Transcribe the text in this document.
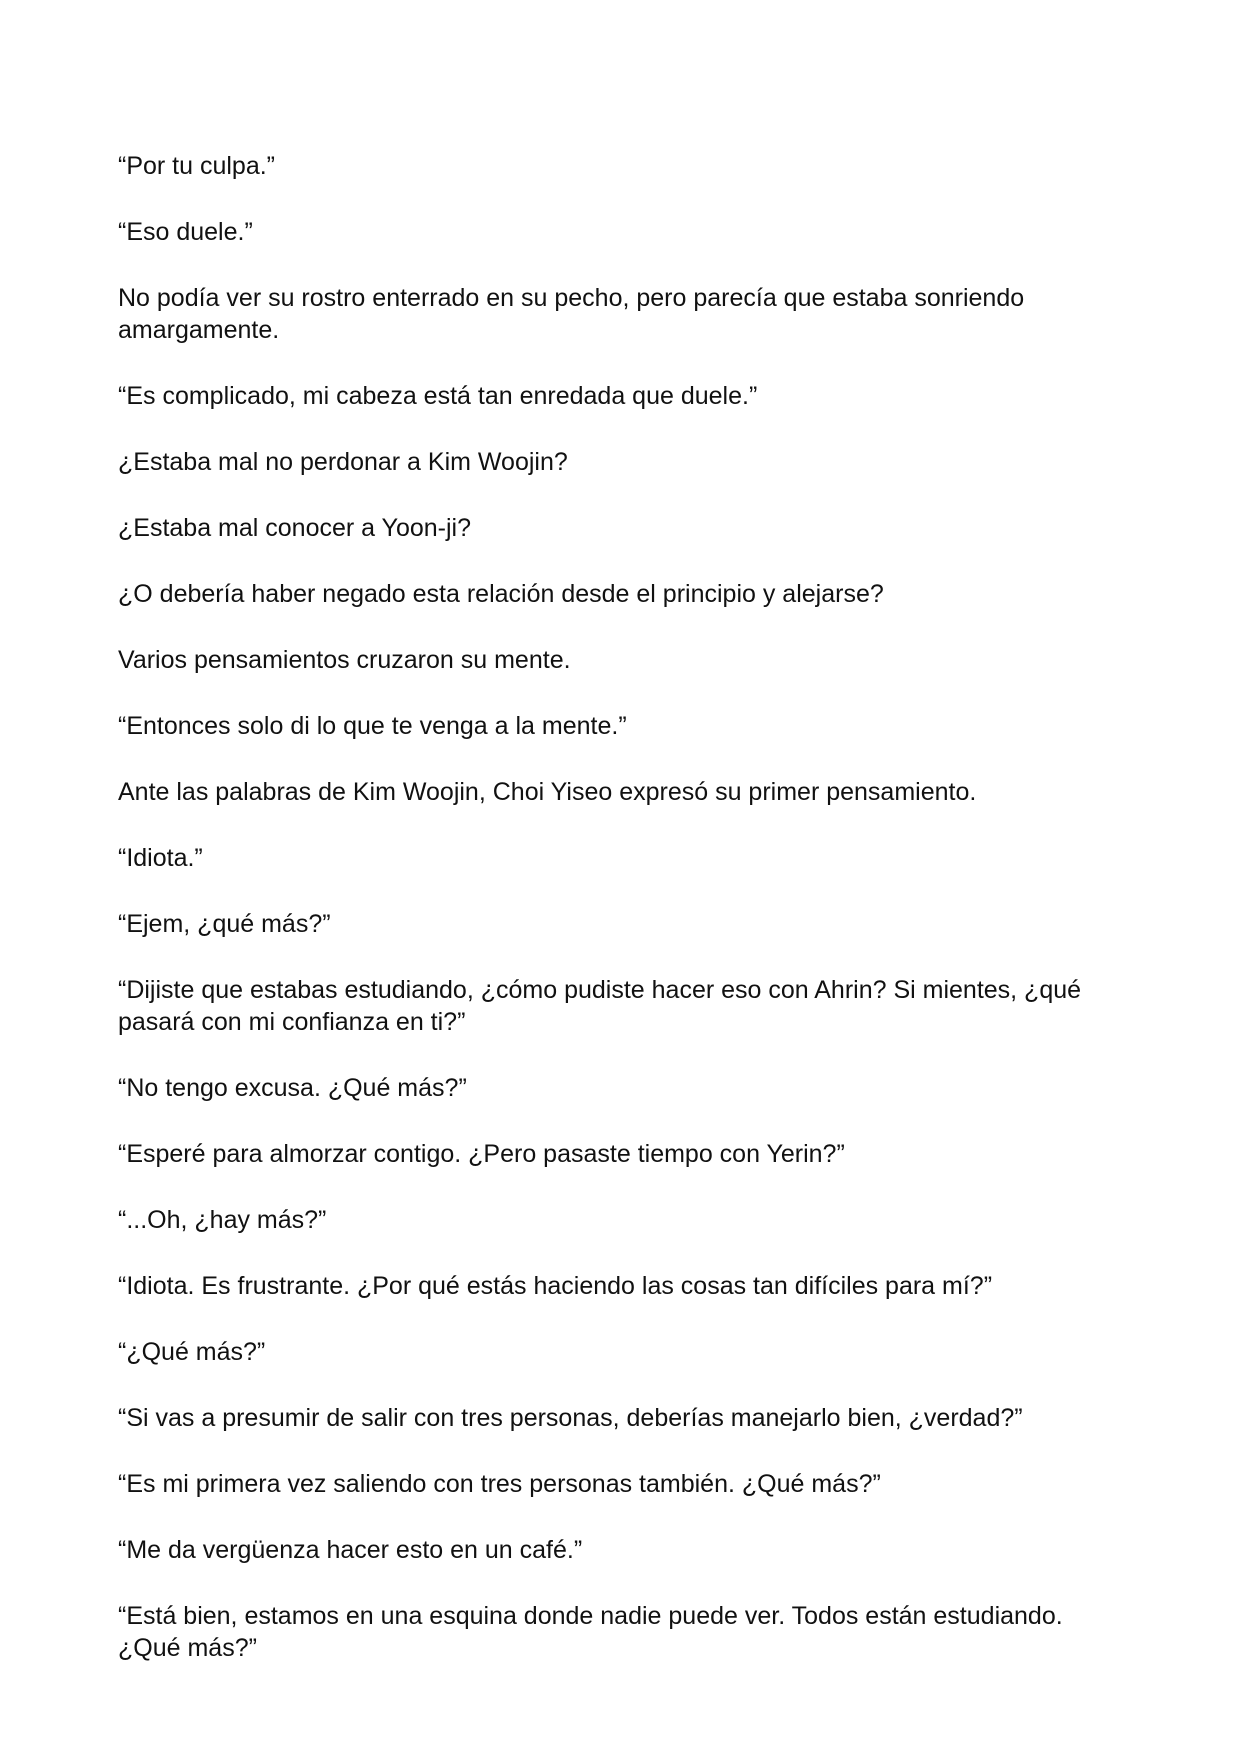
“Por tu culpa.”

“Eso duele.”

No podía ver su rostro enterrado en su pecho, pero parecía que estaba sonriendo amargamente.

“Es complicado, mi cabeza está tan enredada que duele.”

¿Estaba mal no perdonar a Kim Woojin?

¿Estaba mal conocer a Yoon-ji?

¿O debería haber negado esta relación desde el principio y alejarse?

Varios pensamientos cruzaron su mente.

“Entonces solo di lo que te venga a la mente.”

Ante las palabras de Kim Woojin, Choi Yiseo expresó su primer pensamiento.

“Idiota.”

“Ejem, ¿qué más?”

“Dijiste que estabas estudiando, ¿cómo pudiste hacer eso con Ahrin? Si mientes, ¿qué pasará con mi confianza en ti?”

“No tengo excusa. ¿Qué más?”

“Esperé para almorzar contigo. ¿Pero pasaste tiempo con Yerin?”

“...Oh, ¿hay más?”

“Idiota. Es frustrante. ¿Por qué estás haciendo las cosas tan difíciles para mí?”

“¿Qué más?”

“Si vas a presumir de salir con tres personas, deberías manejarlo bien, ¿verdad?”

“Es mi primera vez saliendo con tres personas también. ¿Qué más?”

“Me da vergüenza hacer esto en un café.”

“Está bien, estamos en una esquina donde nadie puede ver. Todos están estudiando. ¿Qué más?”
